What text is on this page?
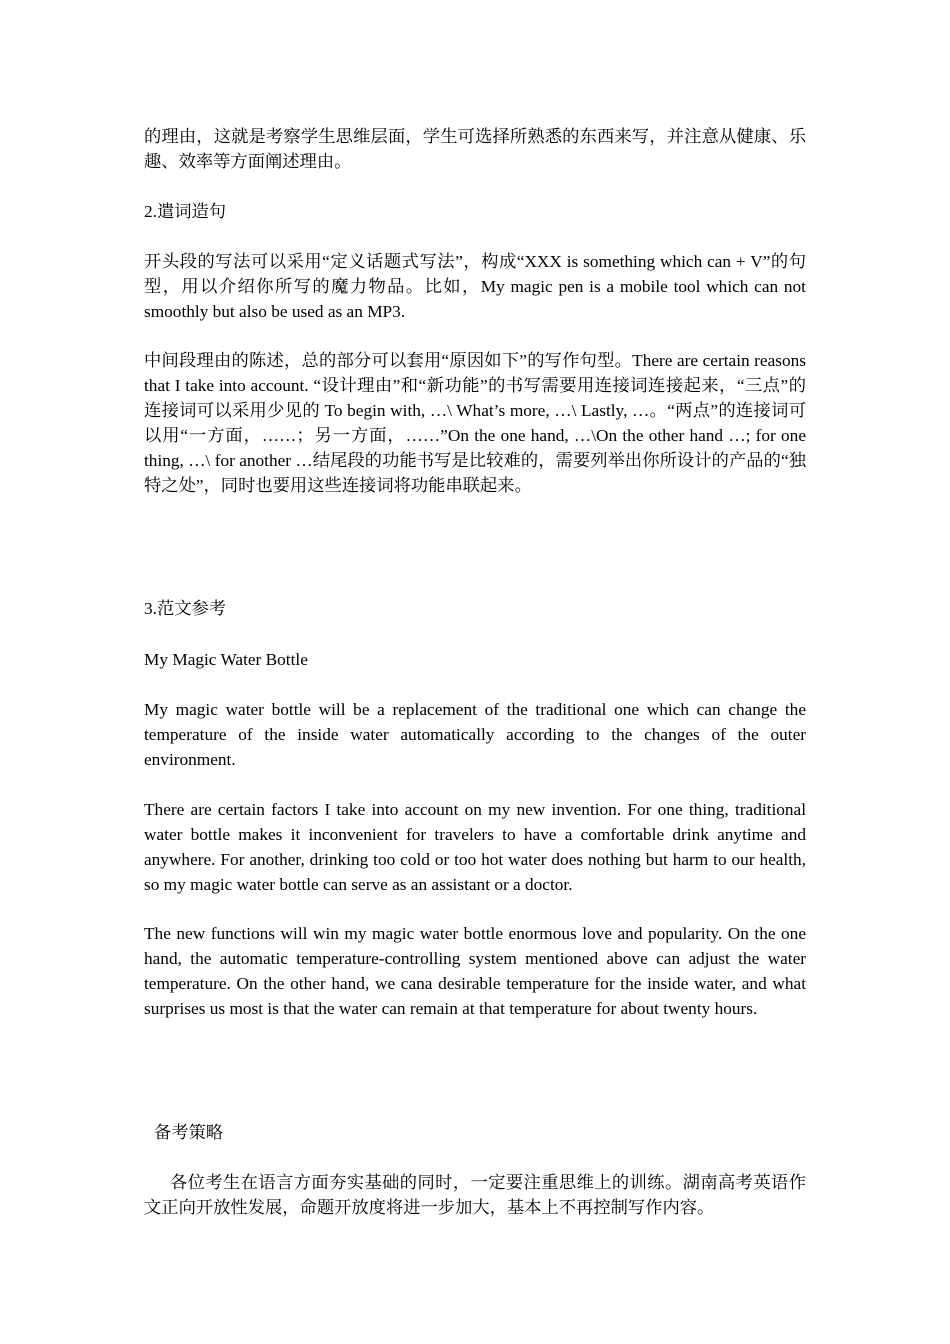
的理由，这就是考察学生思维层面，学生可选择所熟悉的东西来写，并注意从健康、乐趣、效率等方面阐述理由。

2.遣词造句

开头段的写法可以采用“定义话题式写法”，构成“XXX is something which can + V”的句型，用以介绍你所写的魔力物品。比如，My magic pen is a mobile tool which can not smoothly but also be used as an MP3.

中间段理由的陈述，总的部分可以套用“原因如下”的写作句型。There are certain reasons that I take into account. “设计理由”和“新功能”的书写需要用连接词连接起来，“三点”的连接词可以采用少见的 To begin with, …\ What’s more, …\ Lastly, …。“两点”的连接词可以用“一方面，……；另一方面，……”On the one hand, …\On the other hand …; for one thing, …\ for another …结尾段的功能书写是比较难的，需要列举出你所设计的产品的“独特之处”，同时也要用这些连接词将功能串联起来。

3.范文参考

My Magic Water Bottle

My magic water bottle will be a replacement of the traditional one which can change the temperature of the inside water automatically according to the changes of the outer environment.

There are certain factors I take into account on my new invention. For one thing, traditional water bottle makes it inconvenient for travelers to have a comfortable drink anytime and anywhere. For another, drinking too cold or too hot water does nothing but harm to our health, so my magic water bottle can serve as an assistant or a doctor.

The new functions will win my magic water bottle enormous love and popularity. On the one hand, the automatic temperature-controlling system mentioned above can adjust the water temperature. On the other hand, we cana desirable temperature for the inside water, and what surprises us most is that the water can remain at that temperature for about twenty hours.

备考策略

各位考生在语言方面夯实基础的同时，一定要注重思维上的训练。湖南高考英语作文正向开放性发展，命题开放度将进一步加大，基本上不再控制写作内容。
